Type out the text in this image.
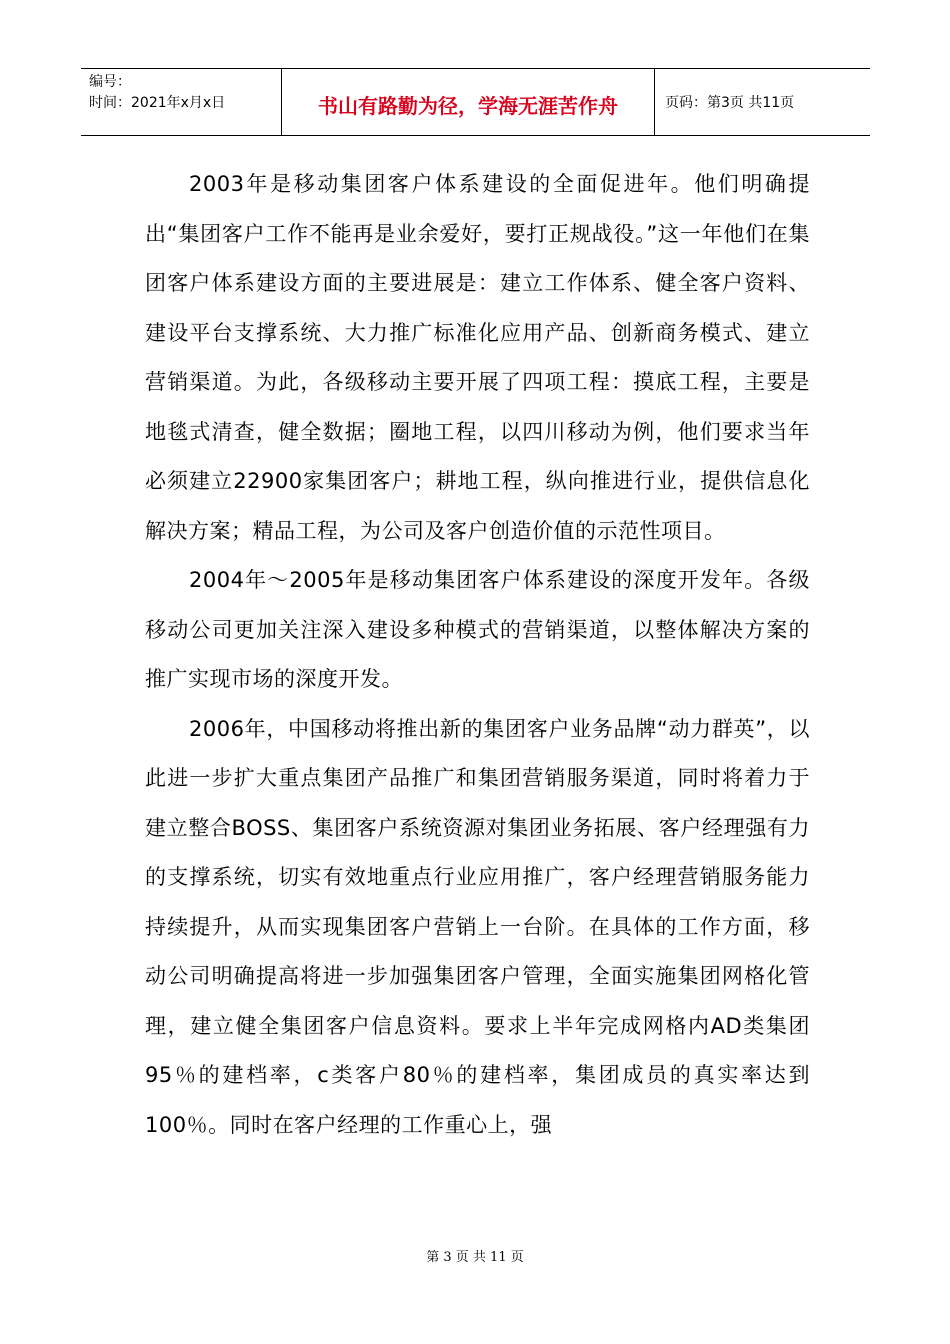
编号：
时间：2021年x月x日	书山有路勤为径，学海无涯苦作舟	页码：第3页 共11页

2003年是移动集团客户体系建设的全面促进年。他们明确提出“集团客户工作不能再是业余爱好，要打正规战役。”这一年他们在集团客户体系建设方面的主要进展是：建立工作体系、健全客户资料、建设平台支撑系统、大力推广标准化应用产品、创新商务模式、建立营销渠道。为此，各级移动主要开展了四项工程：摸底工程，主要是地毯式清查，健全数据；圈地工程，以四川移动为例，他们要求当年必须建立22900家集团客户；耕地工程，纵向推进行业，提供信息化解决方案；精品工程，为公司及客户创造价值的示范性项目。

2004年～2005年是移动集团客户体系建设的深度开发年。各级移动公司更加关注深入建设多种模式的营销渠道，以整体解决方案的推广实现市场的深度开发。

2006年，中国移动将推出新的集团客户业务品牌“动力群英”，以此进一步扩大重点集团产品推广和集团营销服务渠道，同时将着力于建立整合BOSS、集团客户系统资源对集团业务拓展、客户经理强有力的支撑系统，切实有效地重点行业应用推广，客户经理营销服务能力持续提升，从而实现集团客户营销上一台阶。在具体的工作方面，移动公司明确提高将进一步加强集团客户管理，全面实施集团网格化管理，建立健全集团客户信息资料。要求上半年完成网格内AD类集团95％的建档率，c类客户80％的建档率，集团成员的真实率达到100％。同时在客户经理的工作重心上，强

第 3 页 共 11 页
